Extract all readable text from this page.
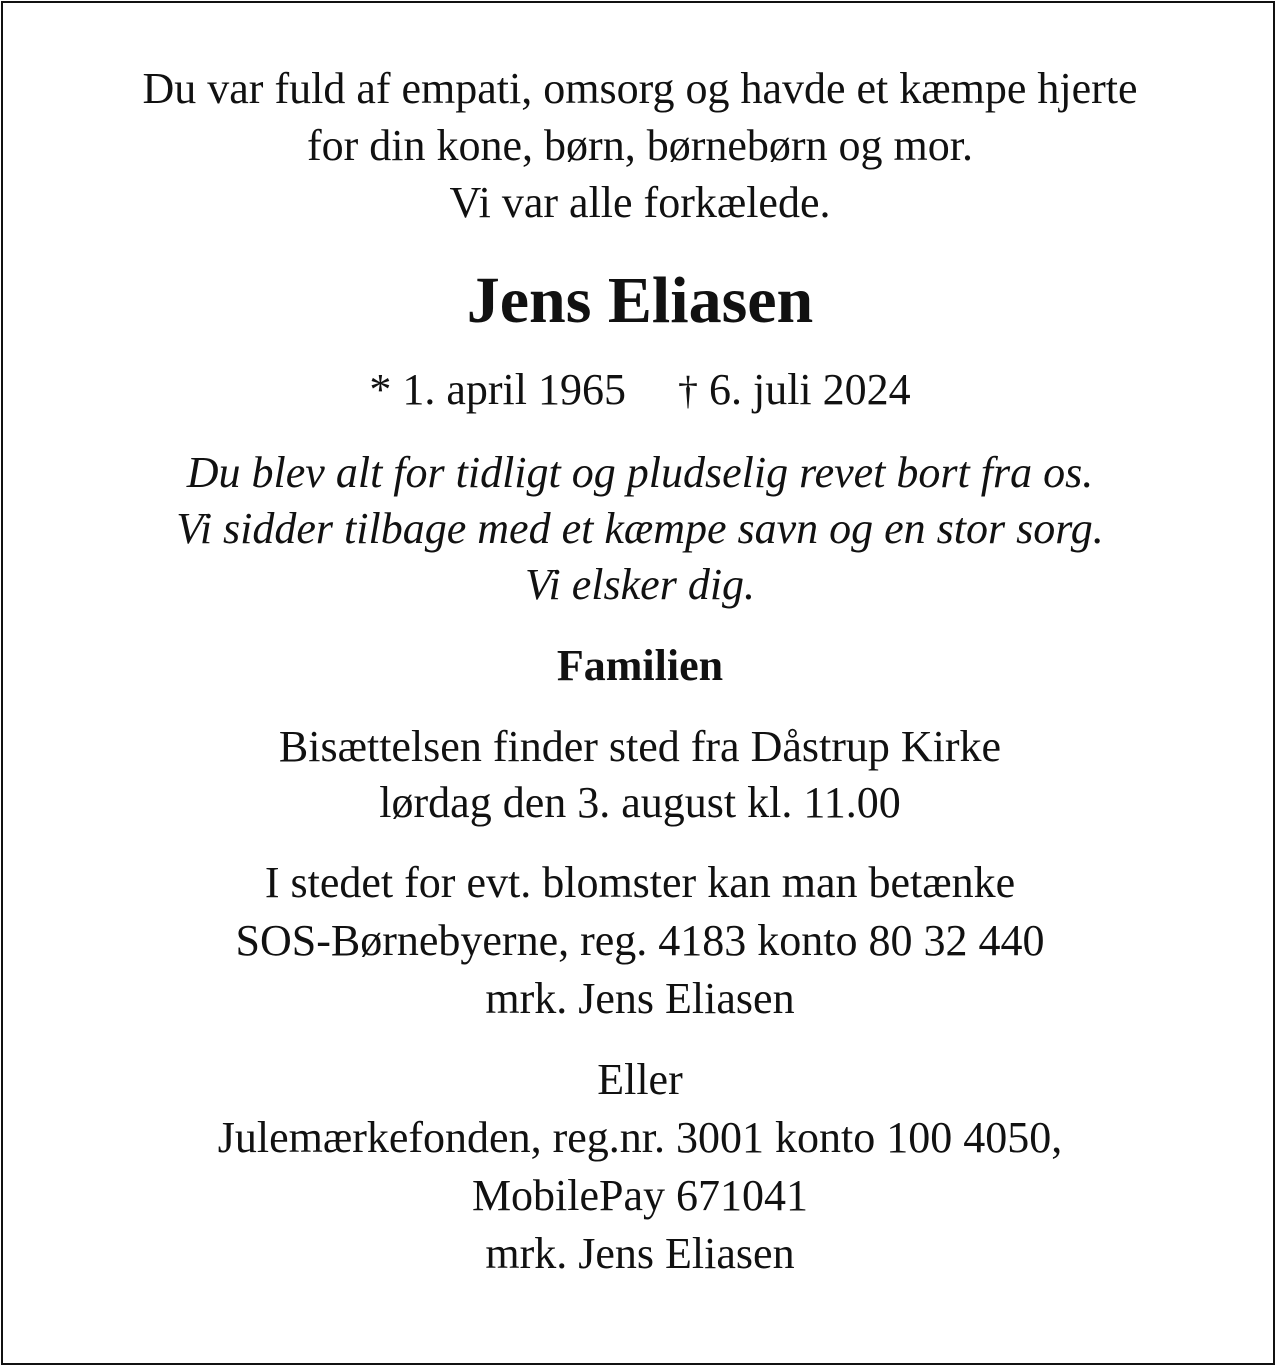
Du var fuld af empati, omsorg og havde et kæmpe hjerte
for din kone, børn, børnebørn og mor.
Vi var alle forkælede.

Jens Eliasen

* 1. april 1965 † 6. juli 2024

Du blev alt for tidligt og pludselig revet bort fra os.
Vi sidder tilbage med et kæmpe savn og en stor sorg.
Vi elsker dig.

Familien

Bisættelsen finder sted fra Dåstrup Kirke
lørdag den 3. august kl. 11.00

I stedet for evt. blomster kan man betænke
SOS-Børnebyerne, reg. 4183 konto 80 32 440
mrk. Jens Eliasen

Eller
Julemærkefonden, reg.nr. 3001 konto 100 4050,
MobilePay 671041
mrk. Jens Eliasen
